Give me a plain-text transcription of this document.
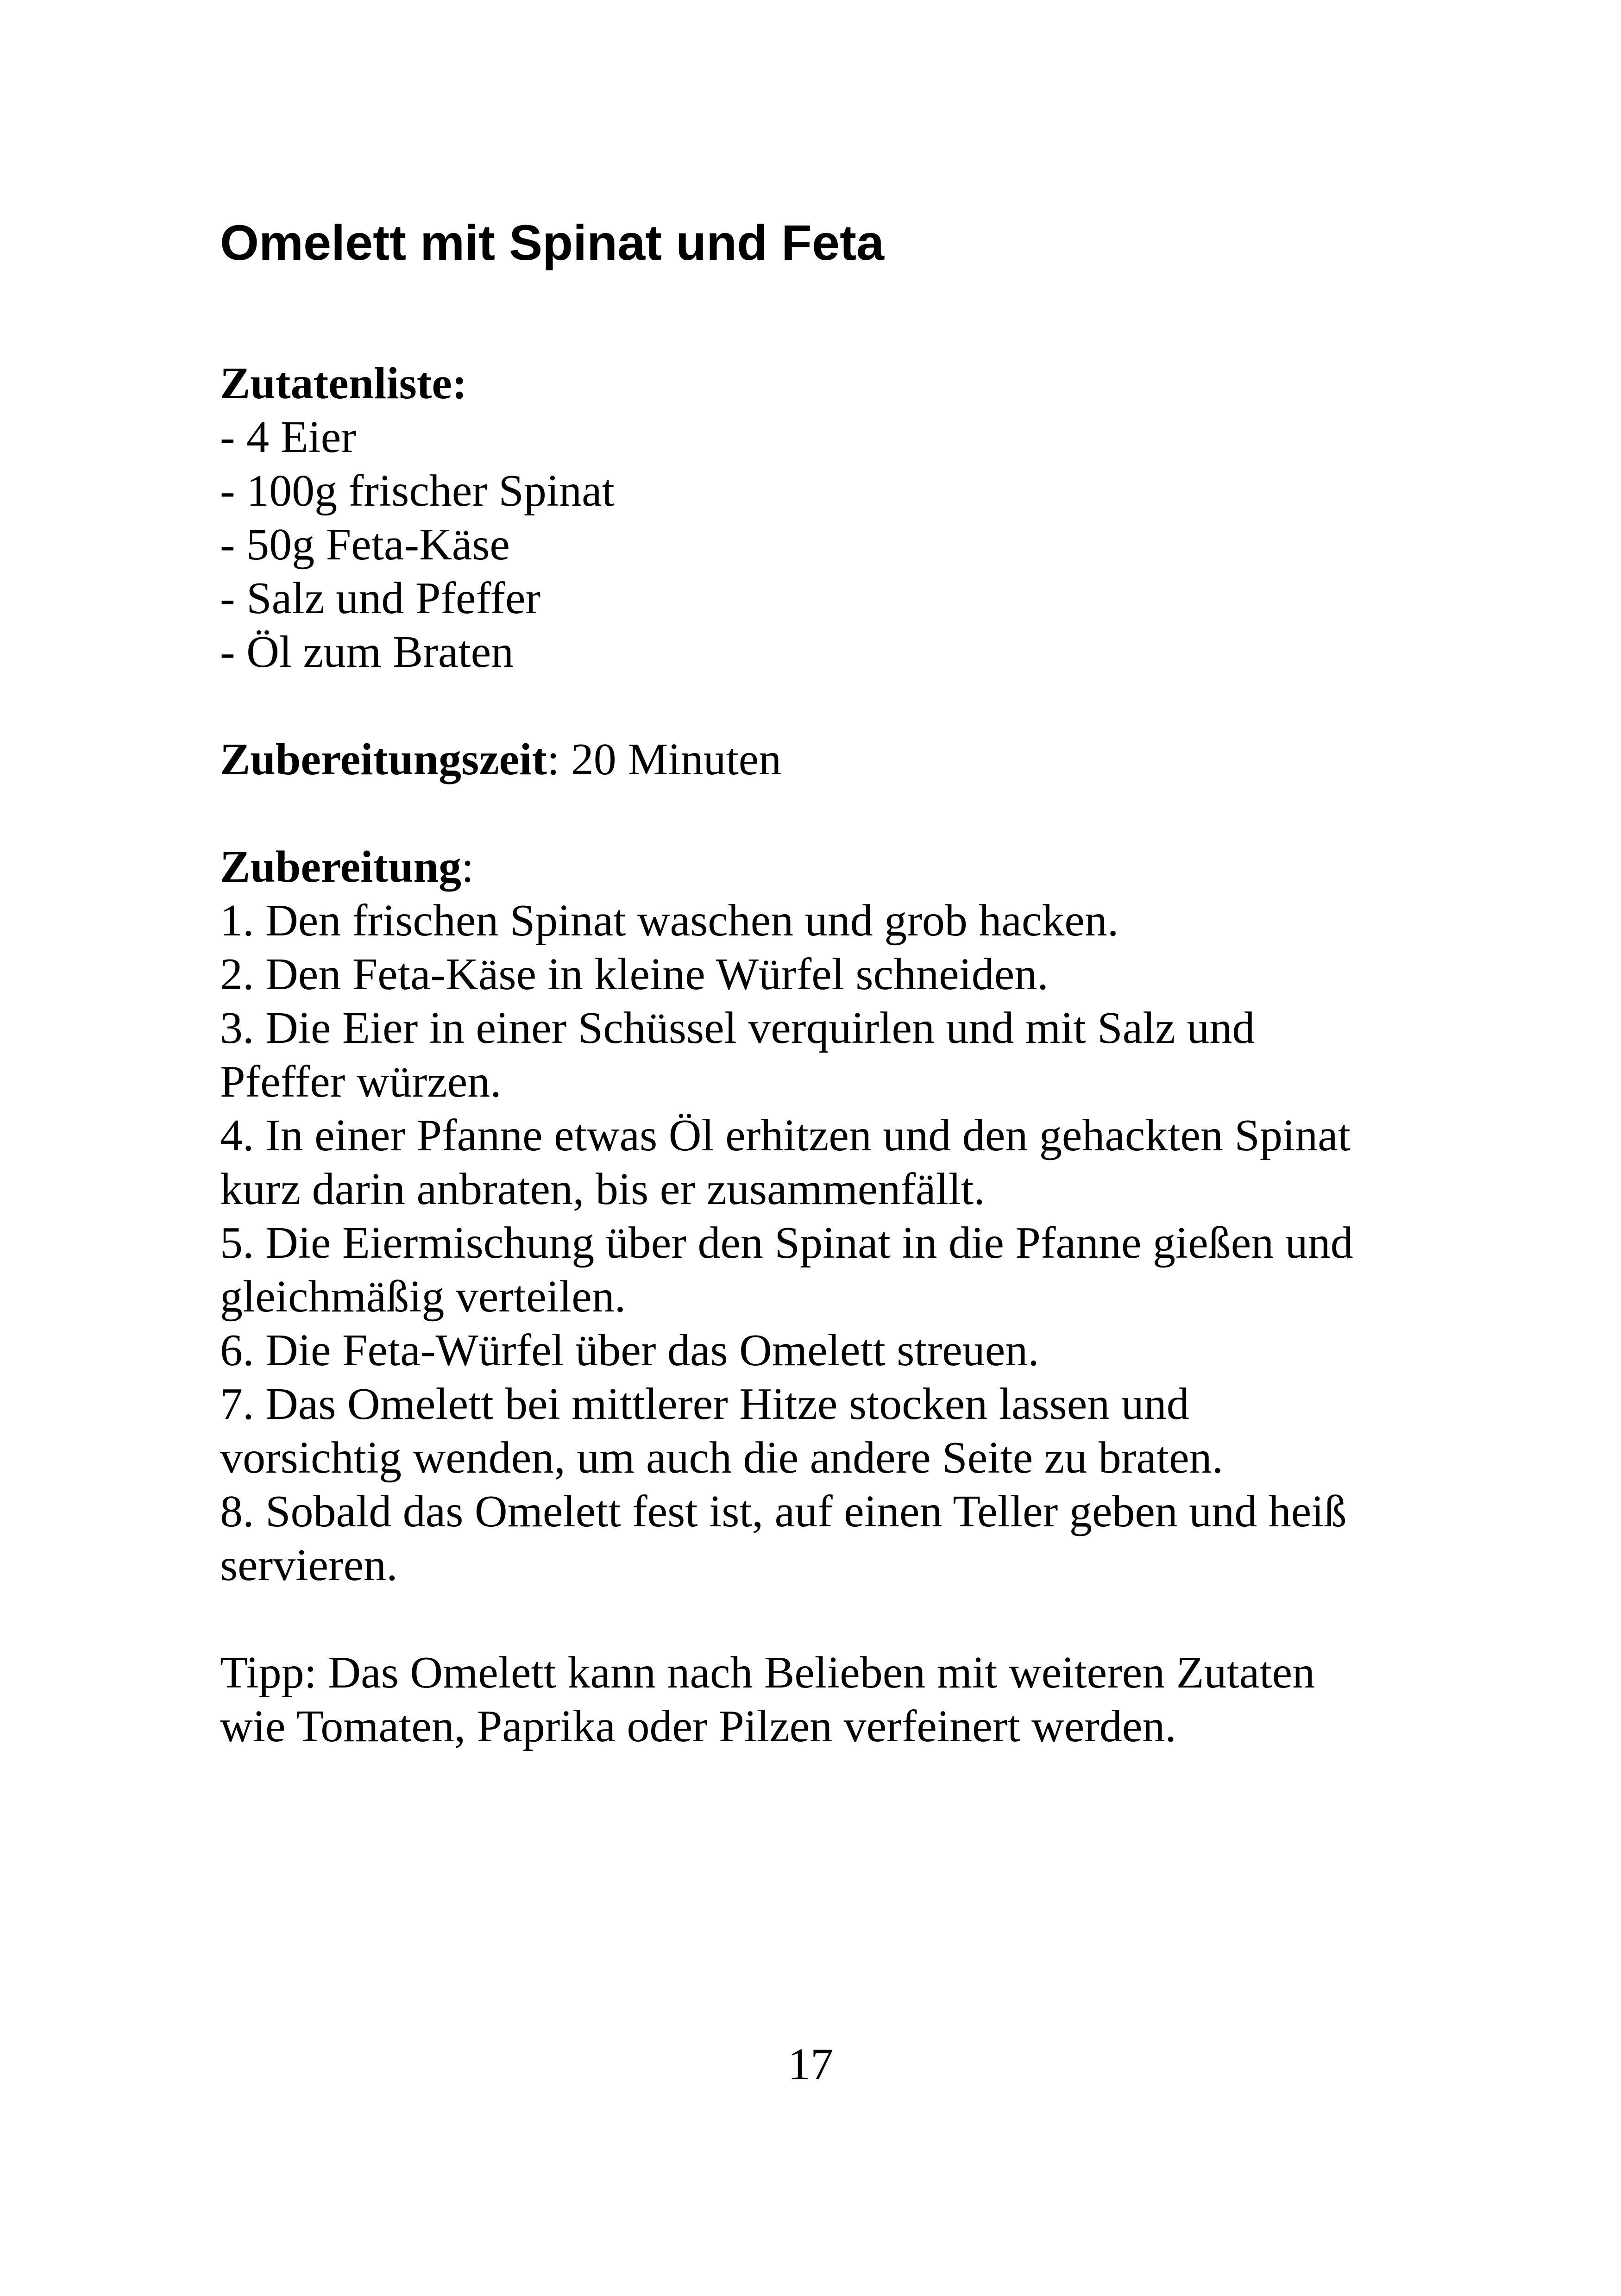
Omelett mit Spinat und Feta
Zutatenliste:
- 4 Eier
- 100g frischer Spinat
- 50g Feta-Käse
- Salz und Pfeffer
- Öl zum Braten
Zubereitungszeit: 20 Minuten
Zubereitung:
1. Den frischen Spinat waschen und grob hacken.
2. Den Feta-Käse in kleine Würfel schneiden.
3. Die Eier in einer Schüssel verquirlen und mit Salz und
Pfeffer würzen.
4. In einer Pfanne etwas Öl erhitzen und den gehackten Spinat
kurz darin anbraten, bis er zusammenfällt.
5. Die Eiermischung über den Spinat in die Pfanne gießen und
gleichmäßig verteilen.
6. Die Feta-Würfel über das Omelett streuen.
7. Das Omelett bei mittlerer Hitze stocken lassen und
vorsichtig wenden, um auch die andere Seite zu braten.
8. Sobald das Omelett fest ist, auf einen Teller geben und heiß
servieren.
Tipp: Das Omelett kann nach Belieben mit weiteren Zutaten
wie Tomaten, Paprika oder Pilzen verfeinert werden.
17
